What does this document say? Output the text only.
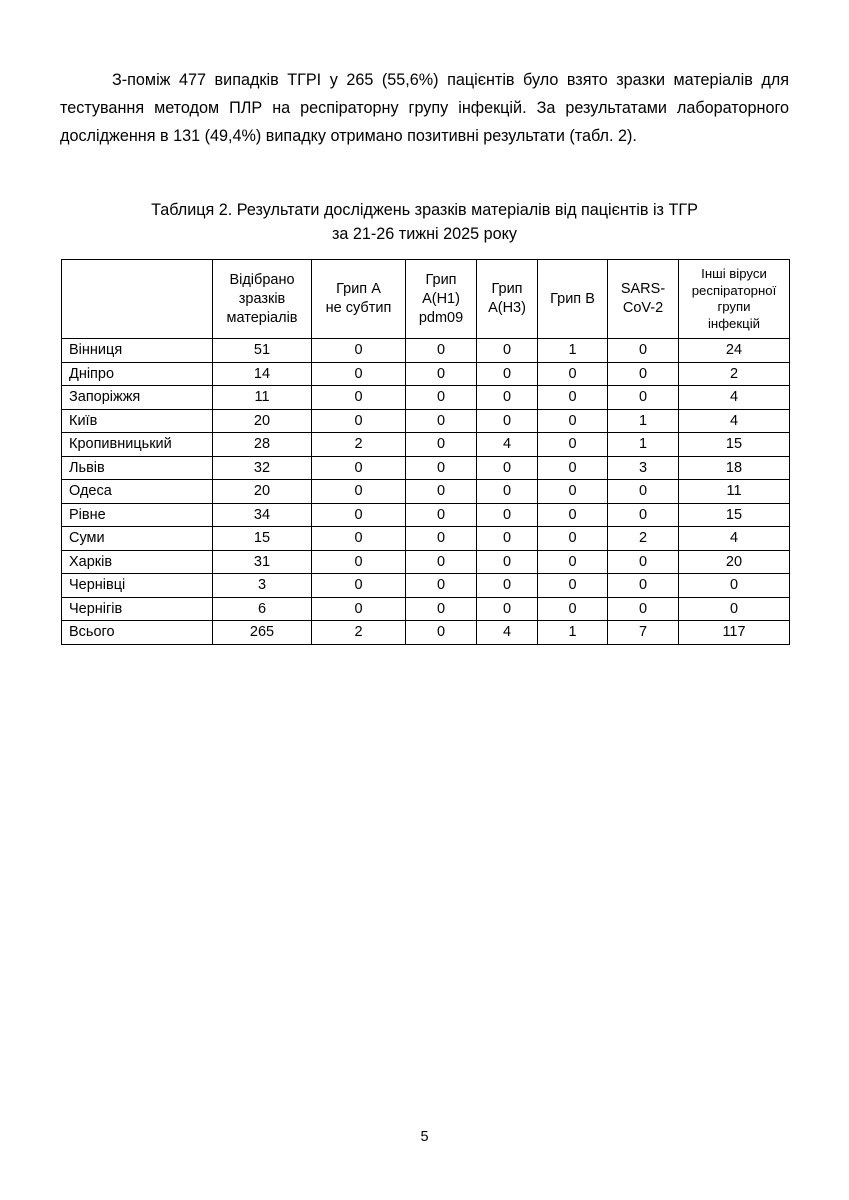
З-поміж 477 випадків ТГРІ у 265 (55,6%) пацієнтів було взято зразки матеріалів для тестування методом ПЛР на респіраторну групу інфекцій. За результатами лабораторного дослідження в 131 (49,4%) випадку отримано позитивні результати (табл. 2).

Таблиця 2. Результати досліджень зразків матеріалів від пацієнтів із ТГР
за 21-26 тижні 2025 року
	Відібрано
зразків
матеріалів	Грип А
не субтип	Грип
A(H1)
pdm09	Грип
A(H3)	Грип В	SARS-
CoV-2	Інші віруси
респіраторної
групи
інфекцій
Вінниця	51	0	0	0	1	0	24
Дніпро	14	0	0	0	0	0	2
Запоріжжя	11	0	0	0	0	0	4
Київ	20	0	0	0	0	1	4
Кропивницький	28	2	0	4	0	1	15
Львів	32	0	0	0	0	3	18
Одеса	20	0	0	0	0	0	11
Рівне	34	0	0	0	0	0	15
Суми	15	0	0	0	0	2	4
Харків	31	0	0	0	0	0	20
Чернівці	3	0	0	0	0	0	0
Чернігів	6	0	0	0	0	0	0
Всього	265	2	0	4	1	7	117
5
